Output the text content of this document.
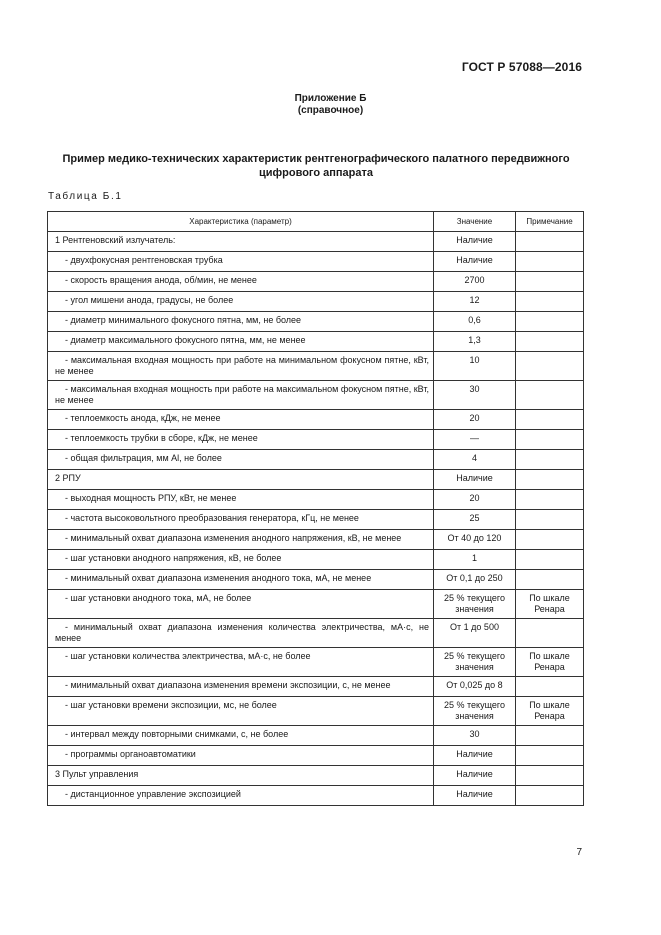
ГОСТ Р 57088—2016
Приложение Б
(справочное)
Пример медико-технических характеристик рентгенографического палатного передвижного
цифрового аппарата
Таблица Б.1
Характеристика (параметр)	Значение	Примечание
1 Рентгеновский излучатель:	Наличие	
- двухфокусная рентгеновская трубка	Наличие	
- скорость вращения анода, об/мин, не менее	2700	
- угол мишени анода, градусы, не более	12	
- диаметр минимального фокусного пятна, мм, не более	0,6	
- диаметр максимального фокусного пятна, мм, не менее	1,3	
- максимальная входная мощность при работе на минимальном фокусном пятне, кВт, не менее	10	
- максимальная входная мощность при работе на максимальном фокусном пятне, кВт, не менее	30	
- теплоемкость анода, кДж, не менее	20	
- теплоемкость трубки в сборе, кДж, не менее	—	
- общая фильтрация, мм Al, не более	4	
2 РПУ	Наличие	
- выходная мощность РПУ, кВт, не менее	20	
- частота высоковольтного преобразования генератора, кГц, не менее	25	
- минимальный охват диапазона изменения анодного напряжения, кВ, не менее	От 40 до 120	
- шаг установки анодного напряжения, кВ, не более	1	
- минимальный охват диапазона изменения анодного тока, мА, не менее	От 0,1 до 250	
- шаг установки анодного тока, мА, не более	25 % текущего значения	По шкале Ренара
- минимальный охват диапазона изменения количества электричества, мА·с, не менее	От 1 до 500	
- шаг установки количества электричества, мА·с, не более	25 % текущего значения	По шкале Ренара
- минимальный охват диапазона изменения времени экспозиции, с, не менее	От 0,025 до 8	
- шаг установки времени экспозиции, мс, не более	25 % текущего значения	По шкале Ренара
- интервал между повторными снимками, с, не более	30	
- программы органоавтоматики	Наличие	
3 Пульт управления	Наличие	
- дистанционное управление экспозицией	Наличие	
7
